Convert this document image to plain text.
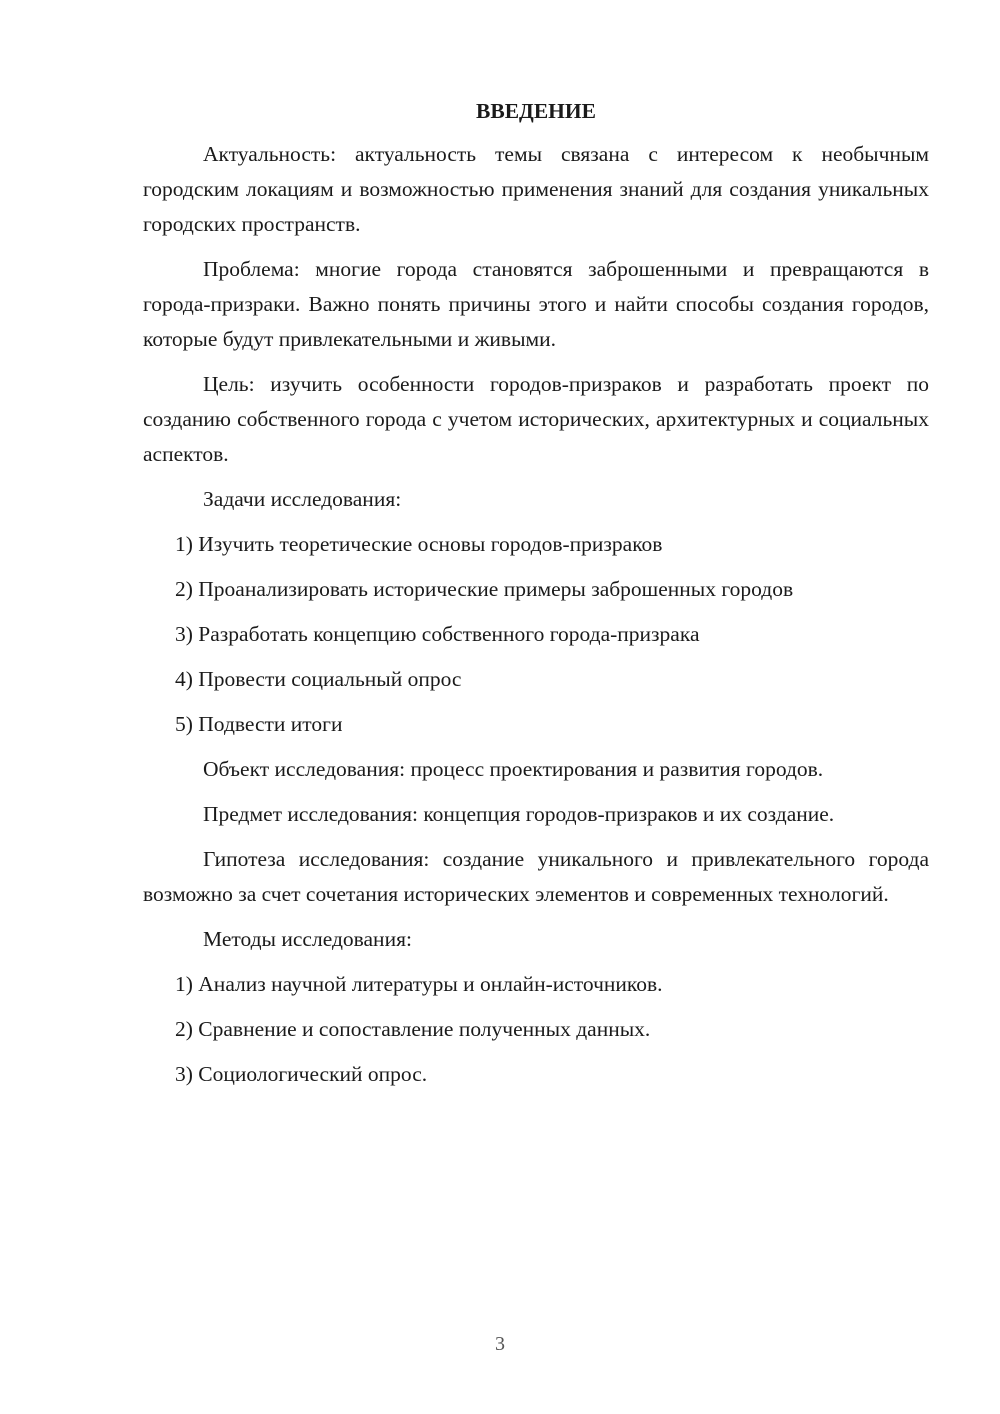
ВВЕДЕНИЕ

Актуальность: актуальность темы связана с интересом к необычным городским локациям и возможностью применения знаний для создания уникальных городских пространств.

Проблема: многие города становятся заброшенными и превращаются в города-призраки. Важно понять причины этого и найти способы создания городов, которые будут привлекательными и живыми.

Цель: изучить особенности городов-призраков и разработать проект по созданию собственного города с учетом исторических, архитектурных и социальных аспектов.

Задачи исследования:

1) Изучить теоретические основы городов-призраков
2) Проанализировать исторические примеры заброшенных городов
3) Разработать концепцию собственного города-призрака
4) Провести социальный опрос
5) Подвести итоги

Объект исследования: процесс проектирования и развития городов.

Предмет исследования: концепция городов-призраков и их создание.

Гипотеза исследования: создание уникального и привлекательного города возможно за счет сочетания исторических элементов и современных технологий.

Методы исследования:

1) Анализ научной литературы и онлайн-источников.
2) Сравнение и сопоставление полученных данных.
3) Социологический опрос.
3
